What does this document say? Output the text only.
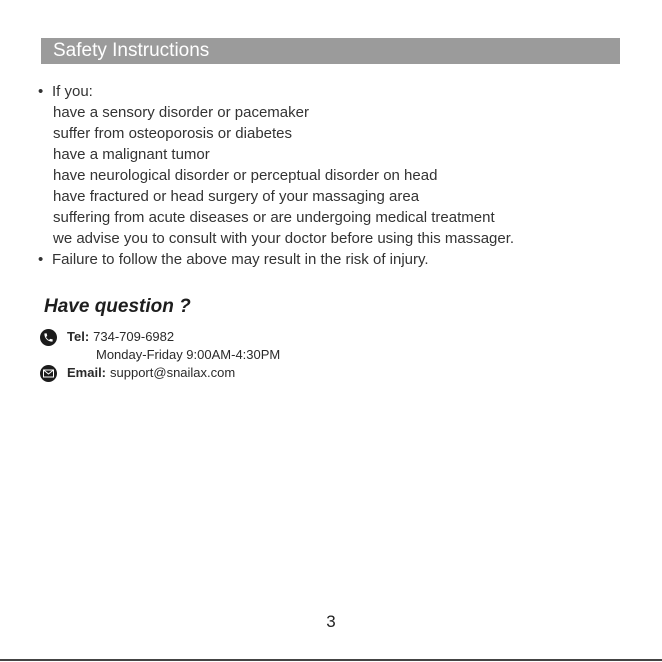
Safety Instructions
• If you:
have a sensory disorder or pacemaker
suffer from osteoporosis or diabetes
have a malignant tumor
have neurological disorder or perceptual disorder on head
have fractured or head surgery of your massaging area
suffering from acute diseases or are undergoing medical treatment
we advise you to consult with your doctor before using this massager.
• Failure to follow the above may result in the risk of injury.
Have question ?
Tel: 734-709-6982
Monday-Friday 9:00AM-4:30PM
Email: support@snailax.com
3
